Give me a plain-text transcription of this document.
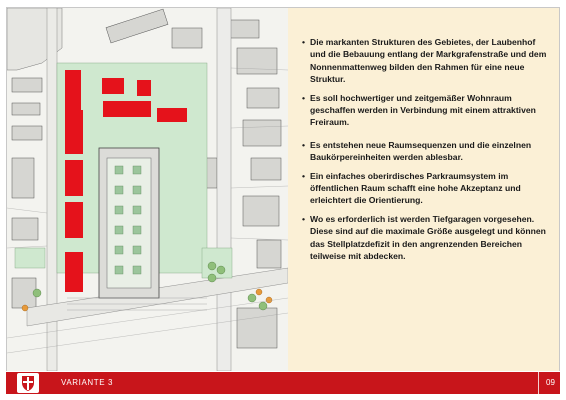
• Die markanten Strukturen des Gebietes, der Laubenhof und die Bebauung entlang der Markgrafenstraße und dem Nonnenmattenweg bilden den Rahmen für eine neue Struktur.
• Es soll hochwertiger und zeitgemäßer Wohnraum geschaffen werden in Verbindung mit einem attraktiven Freiraum.
• Es entstehen neue Raumsequenzen und die einzelnen Baukörpereinheiten werden ablesbar.
• Ein einfaches oberirdisches Parkraumsystem im öffentlichen Raum schafft eine hohe Akzeptanz und erleichtert die Orientierung.
• Wo es erforderlich ist werden Tiefgaragen vorgesehen. Diese sind auf die maximale Größe ausgelegt und können das Stellplatzdefizit in den angrenzenden Bereichen teilweise mit abdecken.
VARIANTE 3	09
